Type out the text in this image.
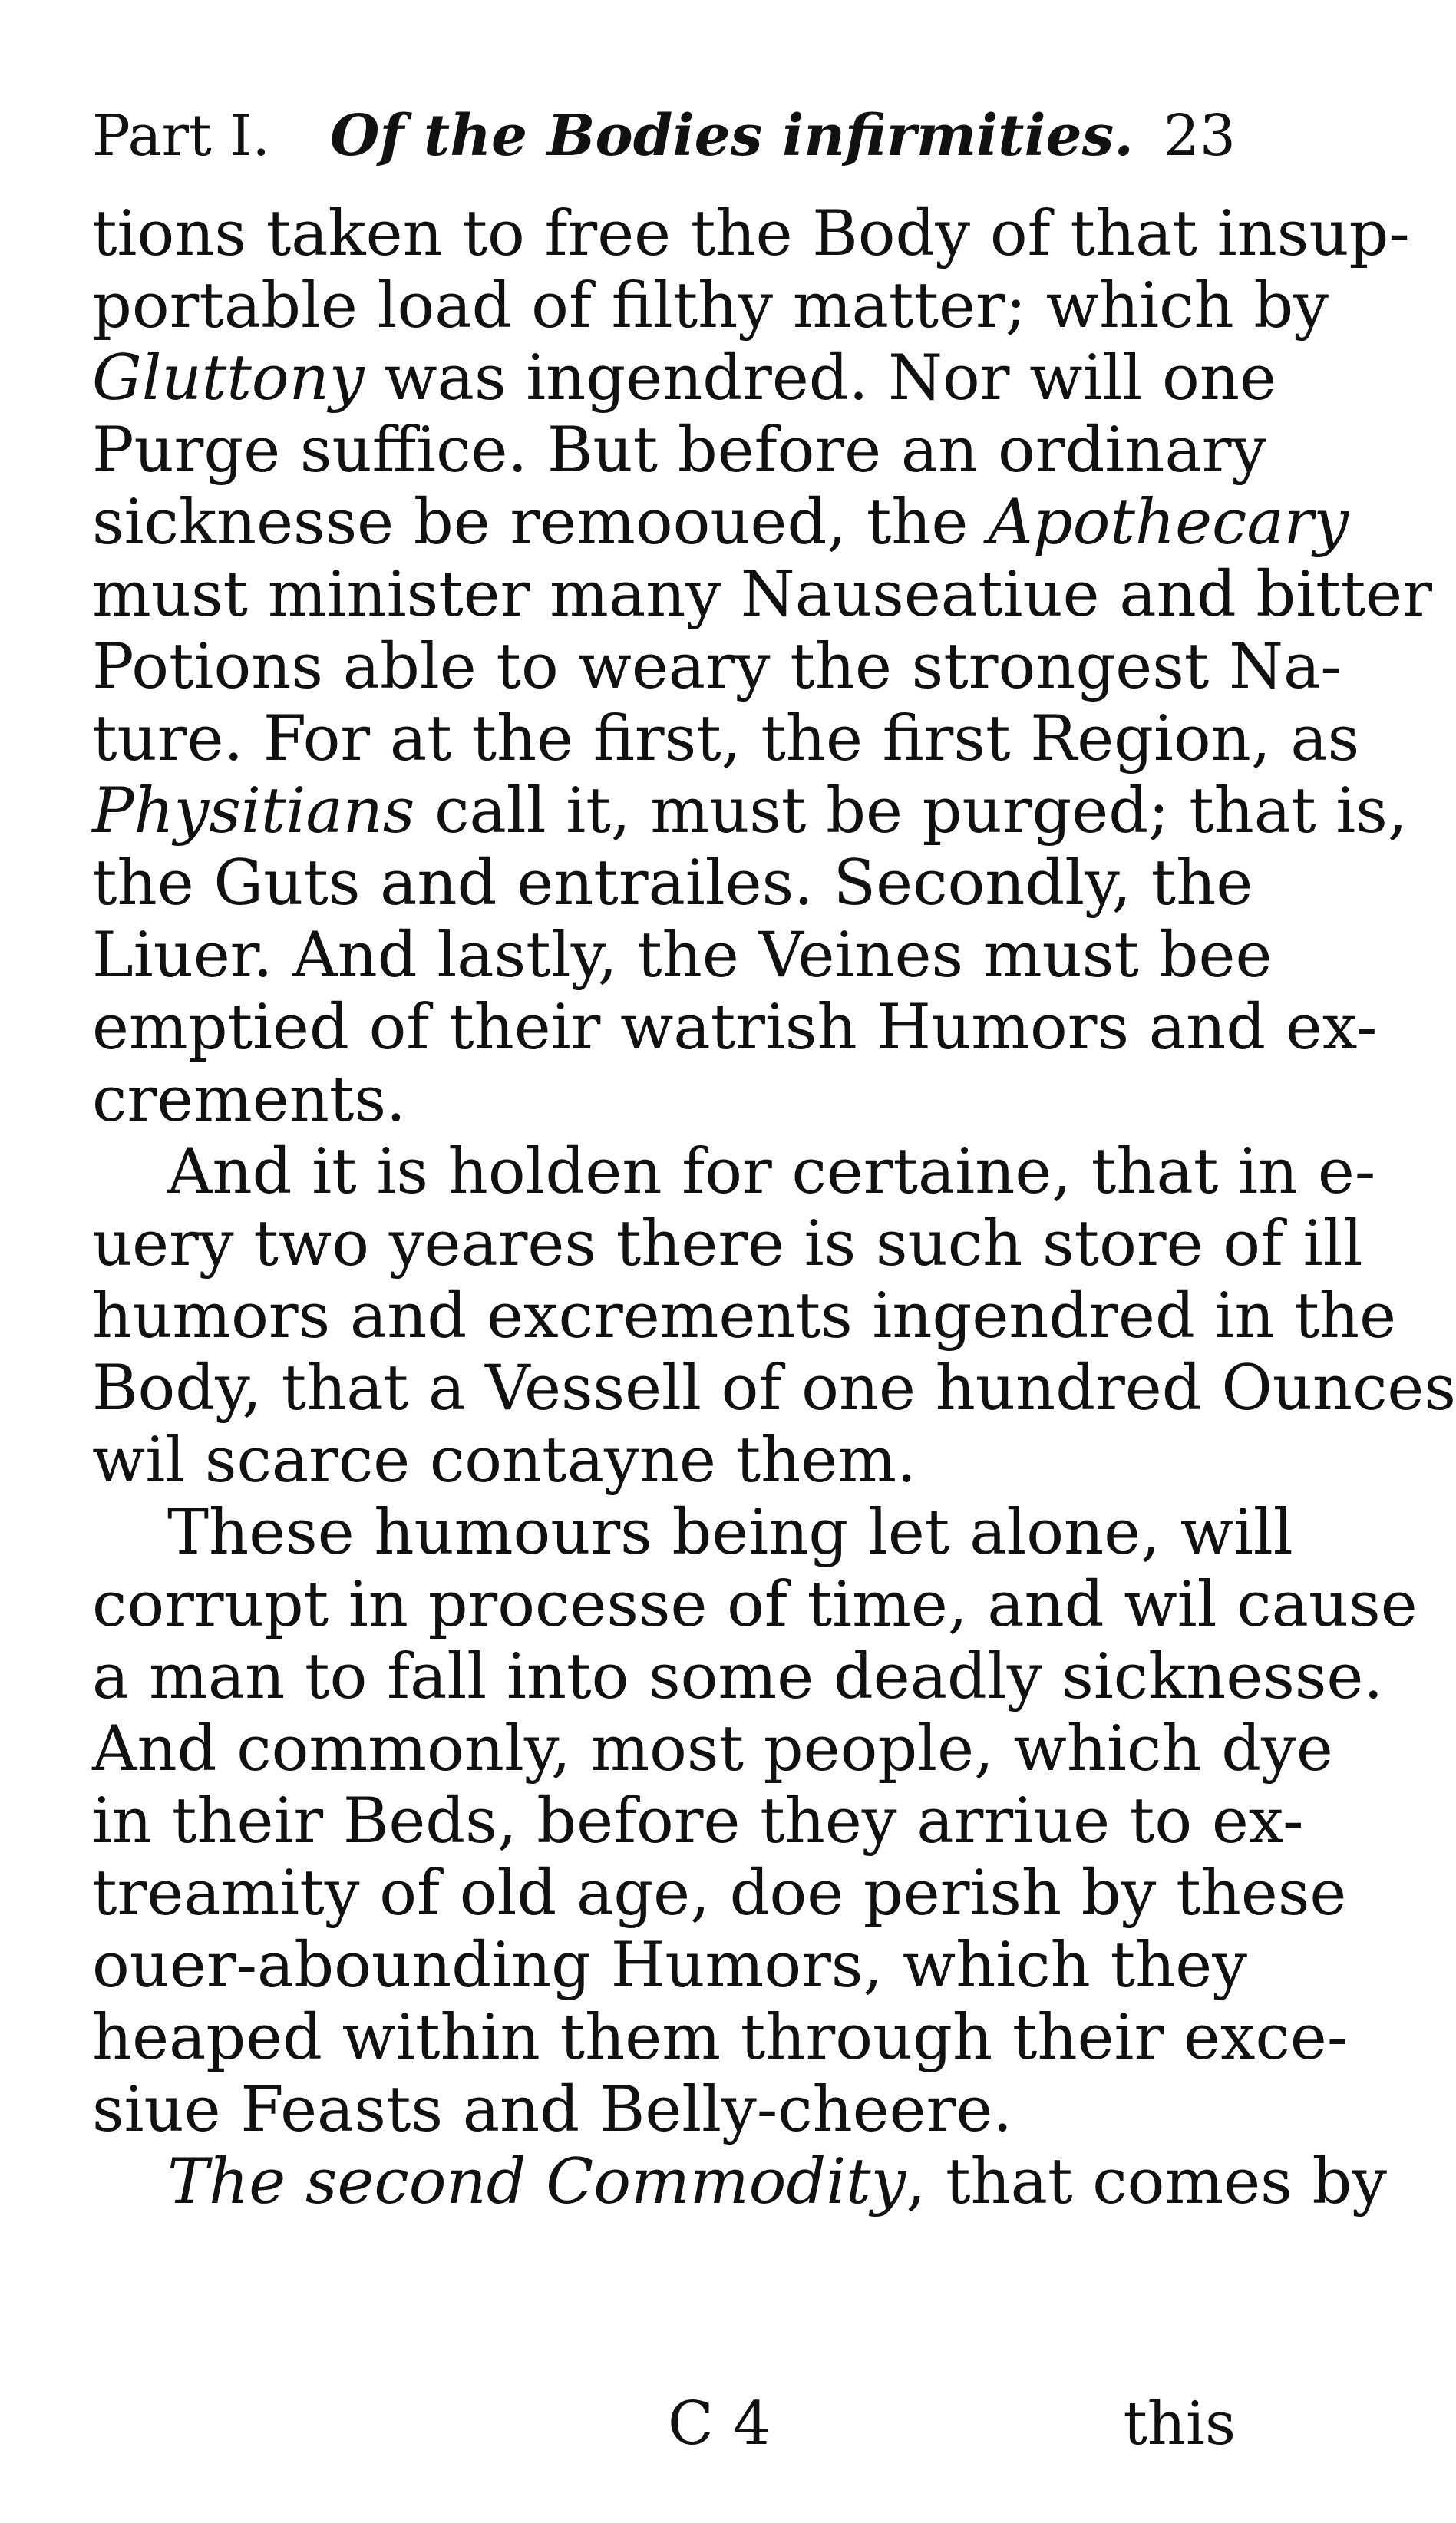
Part I. Of the Bodies infirmities. 23
tions taken to free the Body of that insup-
portable load of filthy matter; which by
Gluttony was ingendred. Nor will one
Purge suffice. But before an ordinary
sicknesse be remooued, the Apothecary
must minister many Nauseatiue and bitter
Potions able to weary the strongest Na-
ture. For at the first, the first Region, as
Physitians call it, must be purged; that is,
the Guts and entrailes. Secondly, the
Liuer. And lastly, the Veines must bee
emptied of their watrish Humors and ex-
crements.
And it is holden for certaine, that in e-
uery two yeares there is such store of ill
humors and excrements ingendred in the
Body, that a Vessell of one hundred Ounces
wil scarce contayne them.
These humours being let alone, will
corrupt in processe of time, and wil cause
a man to fall into some deadly sicknesse.
And commonly, most people, which dye
in their Beds, before they arriue to ex-
treamity of old age, doe perish by these
ouer-abounding Humors, which they
heaped within them through their exce-
siue Feasts and Belly-cheere.
The second Commodity, that comes by
C 4	this
